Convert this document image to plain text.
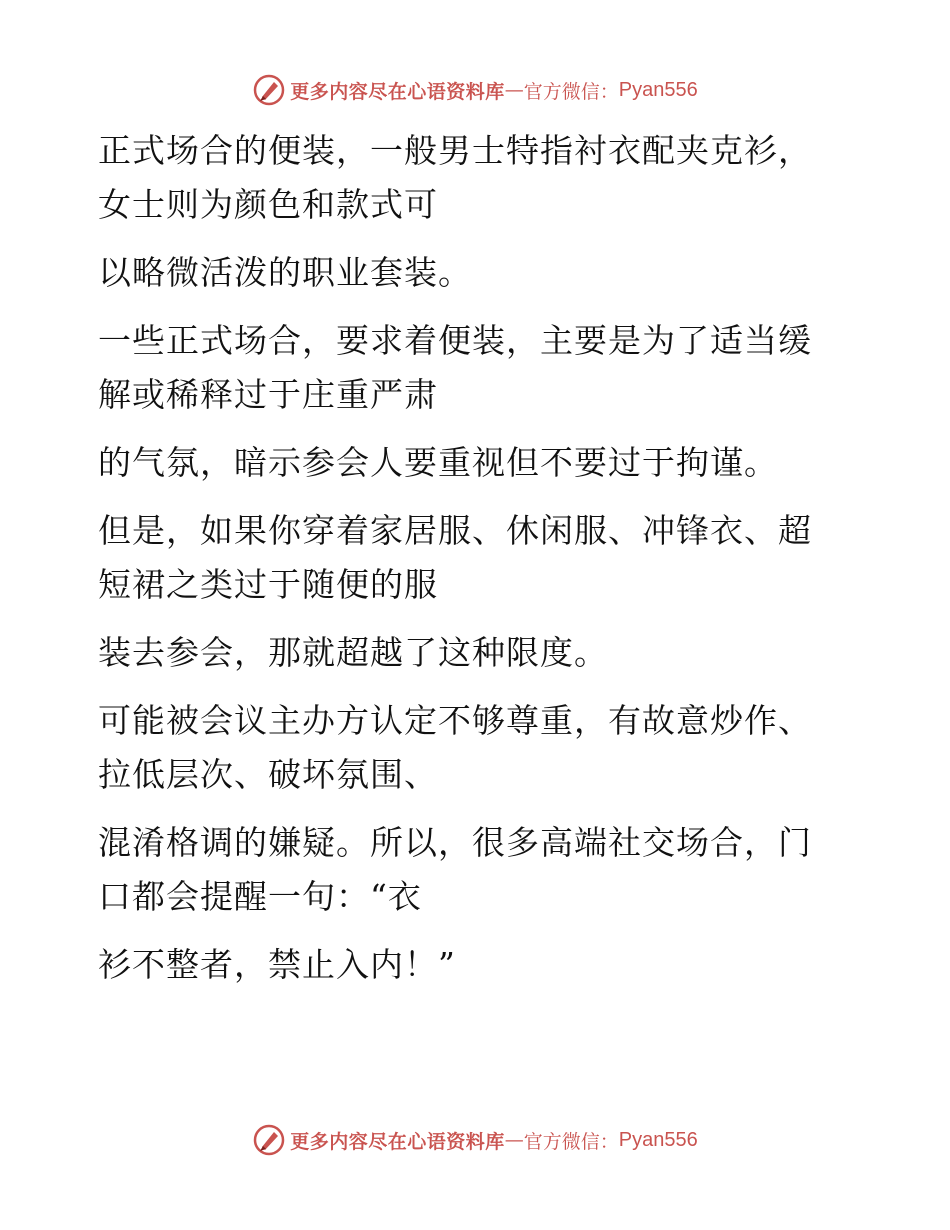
更多内容尽在心语资料库 — 官方微信： Pyan556
正式场合的便装，一般男士特指衬衣配夹克衫，
女士则为颜色和款式可
以略微活泼的职业套装。
一些正式场合，要求着便装，主要是为了适当缓
解或稀释过于庄重严肃
的气氛，暗示参会人要重视但不要过于拘谨。
但是，如果你穿着家居服、休闲服、冲锋衣、超
短裙之类过于随便的服
装去参会，那就超越了这种限度。
可能被会议主办方认定不够尊重，有故意炒作、
拉低层次、破坏氛围、
混淆格调的嫌疑。所以，很多高端社交场合，门
口都会提醒一句：“衣
衫不整者，禁止入内！”
更多内容尽在心语资料库 — 官方微信： Pyan556
